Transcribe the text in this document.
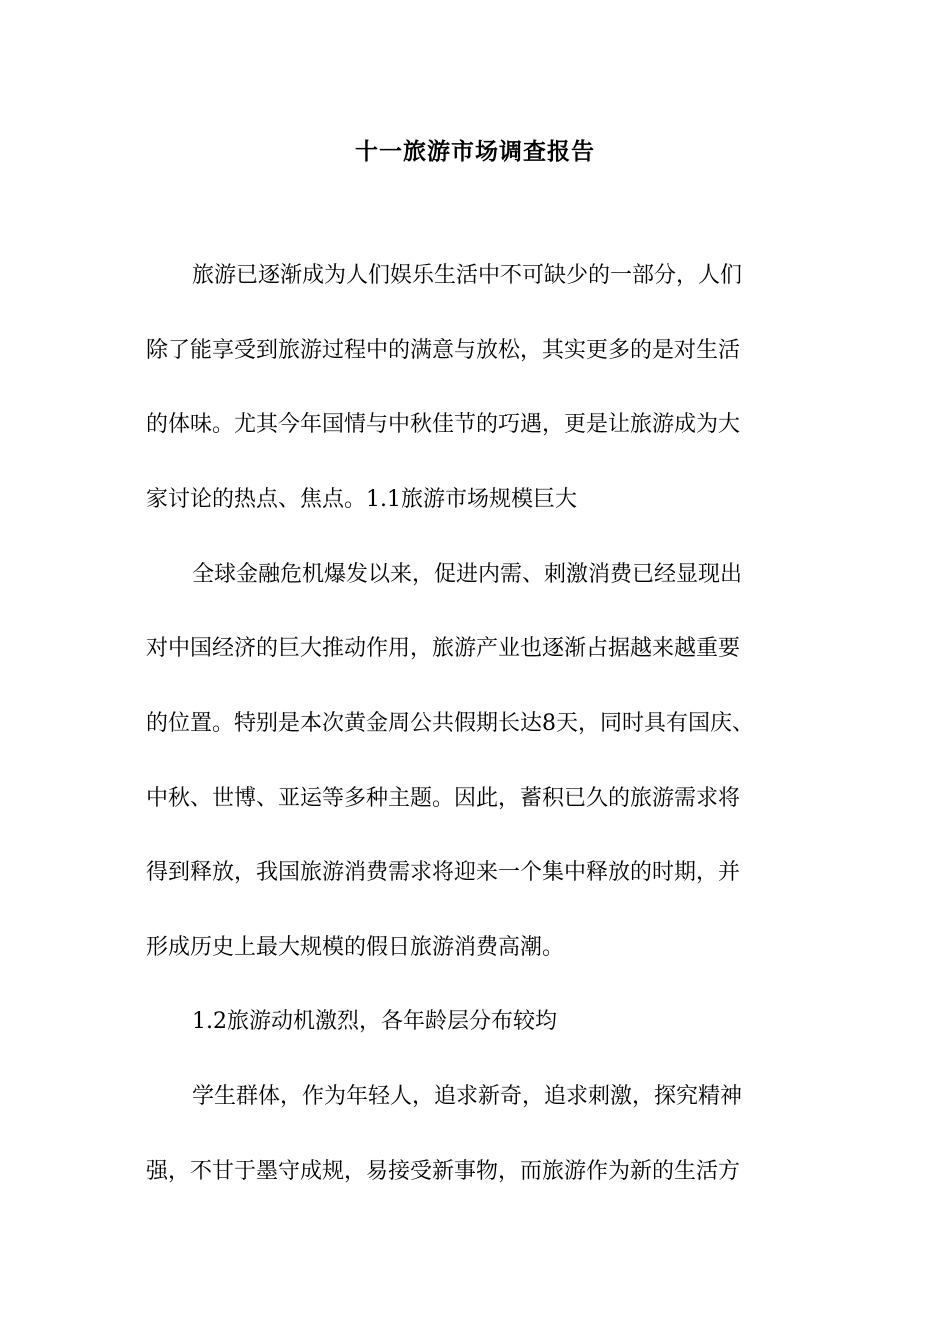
十一旅游市场调查报告

旅游已逐渐成为人们娱乐生活中不可缺少的一部分，人们

除了能享受到旅游过程中的满意与放松，其实更多的是对生活

的体味。尤其今年国情与中秋佳节的巧遇，更是让旅游成为大

家讨论的热点、焦点。1.1旅游市场规模巨大

全球金融危机爆发以来，促进内需、刺激消费已经显现出

对中国经济的巨大推动作用，旅游产业也逐渐占据越来越重要

的位置。特别是本次黄金周公共假期长达8天，同时具有国庆、

中秋、世博、亚运等多种主题。因此，蓄积已久的旅游需求将

得到释放，我国旅游消费需求将迎来一个集中释放的时期，并

形成历史上最大规模的假日旅游消费高潮。

1.2旅游动机激烈，各年龄层分布较均

学生群体，作为年轻人，追求新奇，追求刺激，探究精神

强，不甘于墨守成规，易接受新事物，而旅游作为新的生活方
